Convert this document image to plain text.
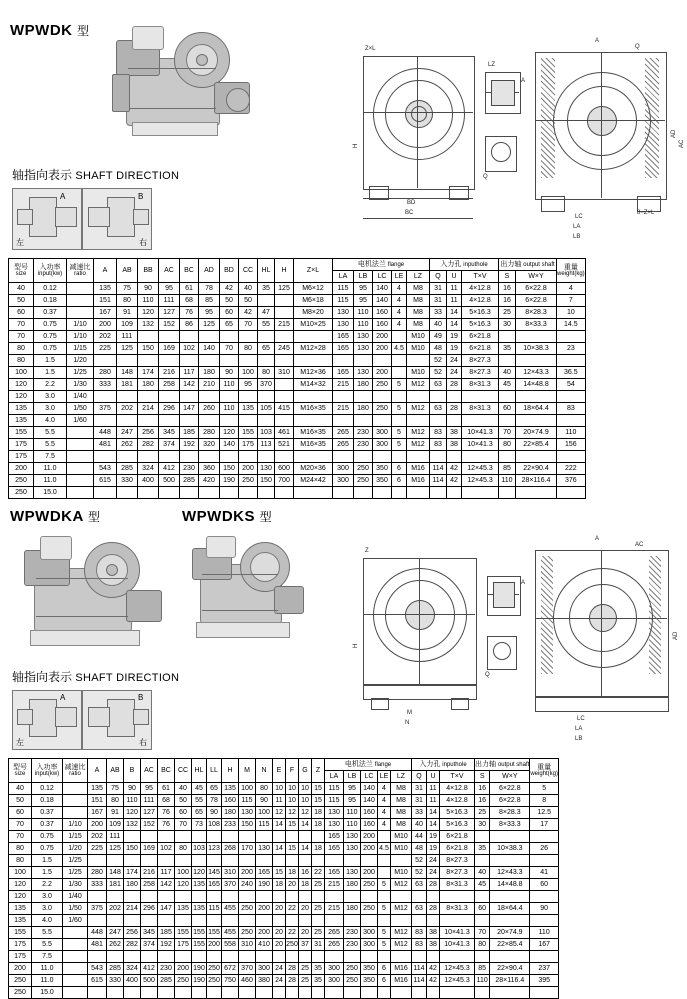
WPWDK 型
轴指向表示 SHAFT DIRECTION
A
左
B
右
BD
BC
Z×L
H
LZ
A
Q
A
Q
LC
LA
LB
AD
AC
8−Z×L
型号
size

入功率
input(kw)

减速比
ratio	A	AB	BB	AC	BC	AD	BD	CC	HL	H	Z×L	电机法兰 flange	入力孔 inputhole	出力轴 output shaft	重量
weight(kg)

														LA	LB	LC	LE	LZ	Q	U	T×V	S	W×Y	
40	0.12		135	75	90	95	61	78	42	40	35	125	M6×12	115	95	140	4	M8	31	11	4×12.8	16	6×22.8	4
50	0.18		151	80	110	111	68	85	50	50			M6×18	115	95	140	4	M8	31	11	4×12.8	16	6×22.8	7
60	0.37		167	91	120	127	76	95	60	42	47		M8×20	130	110	160	4	M8	33	14	5×16.3	25	8×28.3	10
70	0.75	1/10	200	109	132	152	86	125	65	70	55	215	M10×25	130	110	160	4	M8	40	14	5×16.3	30	8×33.3	14.5
70	0.75	1/10	202	111										165	130	200		M10	49	19	6×21.8			
80	0.75	1/15	225	125	150	169	102	140	70	80	65	245	M12×28	165	130	200	4.5	M10	48	19	6×21.8	35	10×38.3	23
80	1.5	1/20																	52	24	8×27.3			
100	1.5	1/25	280	148	174	216	117	180	90	100	80	310	M12×36	165	130	200		M10	52	24	8×27.3	40	12×43.3	36.5
120	2.2	1/30	333	181	180	258	142	210	110	95	370		M14×32	215	180	250	5	M12	63	28	8×31.3	45	14×48.8	54
120	3.0	1/40																						
135	3.0	1/50	375	202	214	296	147	260	110	135	105	415	M16×35	215	180	250	5	M12	63	28	8×31.3	60	18×64.4	83
135	4.0	1/60																						
155	5.5		448	247	256	345	185	280	120	155	103	461	M16×35	265	230	300	5	M12	83	38	10×41.3	70	20×74.9	110
175	5.5		481	262	282	374	192	320	140	175	113	521	M16×35	265	230	300	5	M12	83	38	10×41.3	80	22×85.4	156
175	7.5																							
200	11.0		543	285	324	412	230	360	150	200	130	600	M20×36	300	250	350	6	M16	114	42	12×45.3	85	22×90.4	222
250	11.0		615	330	400	500	285	420	190	250	150	700	M24×42	300	250	350	6	M16	114	42	12×45.3	110	28×116.4	376
250	15.0																							
WPWDKA 型	WPWDKS 型
轴指向表示 SHAFT DIRECTION
A
左
B
右
M
N
H
Z
A
Q
A
AC
LC
LA
LB
AD
型号
size

入功率
input(kw)

减速比
ratio	A	AB	B	AC	BC	CC	HL	LL	H	M	N	E	F	G	Z	电机法兰 flange	入力孔 inputhole	出力轴 output shaft	重量
weight(kg)

																		LA	LB	LC	LE	LZ	Q	U	T×V	S	W×Y	
40	0.12		135	75	90	95	61	40	45	65	135	100	80	10	10	10	15	115	95	140	4	M8	31	11	4×12.8	16	6×22.8	5
50	0.18		151	80	110	111	68	50	55	78	160	115	90	11	10	10	15	115	95	140	4	M8	31	11	4×12.8	16	6×22.8	8
60	0.37		167	91	120	127	76	60	65	90	180	130	100	12	12	12	18	130	110	160	4	M8	33	14	5×16.3	25	8×28.3	12.5
70	0.37	1/10	200	109	132	152	76	70	73	108	233	150	115	14	15	14	18	130	110	160	4	M8	40	14	5×16.3	30	8×33.3	17
70	0.75	1/15	202	111														165	130	200		M10	44	19	6×21.8			
80	0.75	1/20	225	125	150	169	102	80	103	123	268	170	130	14	15	14	18	165	130	200	4.5	M10	48	19	6×21.8	35	10×38.3	26
80	1.5	1/25																					52	24	8×27.3			
100	1.5	1/25	280	148	174	216	117	100	120	145	310	200	165	15	18	16	22	165	130	200		M10	52	24	8×27.3	40	12×43.3	41
120	2.2	1/30	333	181	180	258	142	120	135	165	370	240	190	18	20	18	25	215	180	250	5	M12	63	28	8×31.3	45	14×48.8	60
120	3.0	1/40																										
135	3.0	1/50	375	202	214	296	147	135	135	115	455	250	200	20	22	20	25	215	180	250	5	M12	63	28	8×31.3	60	18×64.4	90
135	4.0	1/60																										
155	5.5		448	247	256	345	185	155	155	155	455	250	200	20	22	20	25	265	230	300	5	M12	83	38	10×41.3	70	20×74.9	110
175	5.5		481	262	282	374	192	175	155	200	558	310	410	20	250	37	31	265	230	300	5	M12	83	38	10×41.3	80	22×85.4	167
175	7.5																											
200	11.0		543	285	324	412	230	200	190	250	672	370	300	24	28	25	35	300	250	350	6	M16	114	42	12×45.3	85	22×90.4	237
250	11.0		615	330	400	500	285	250	190	250	750	460	380	24	28	25	35	300	250	350	6	M16	114	42	12×45.3	110	28×116.4	395
250	15.0																											
